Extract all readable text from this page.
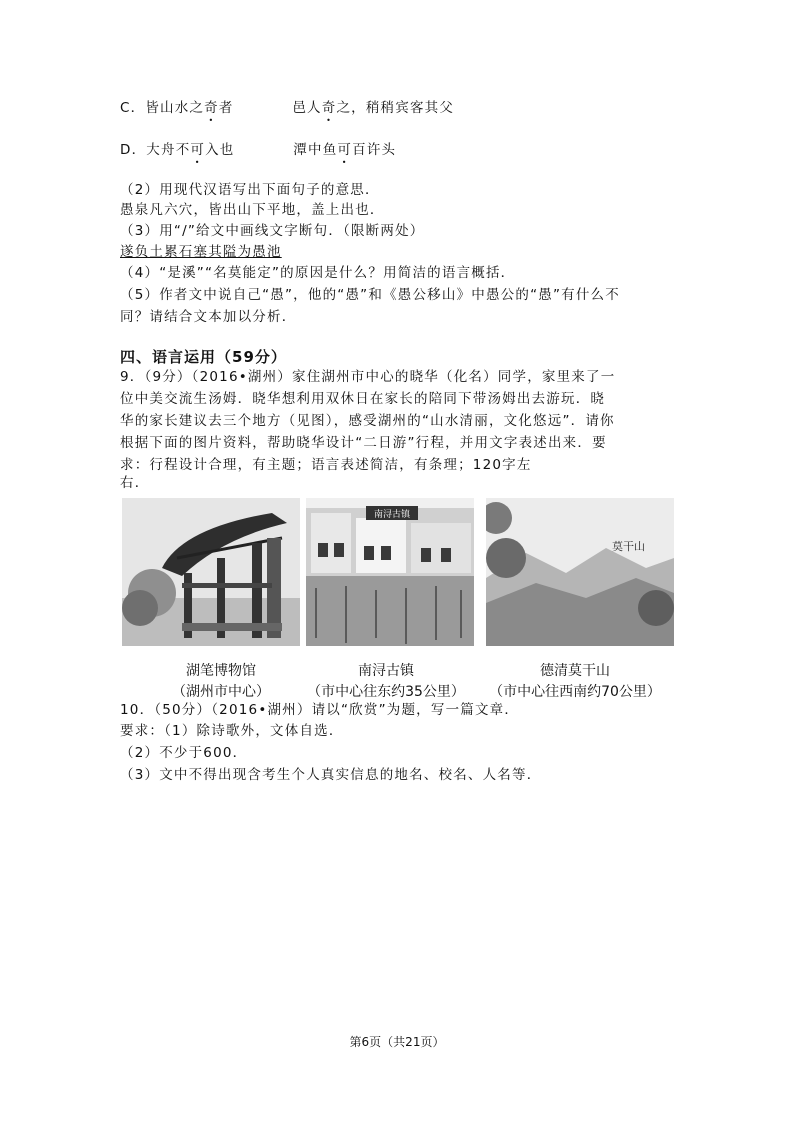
C．皆山水之奇者　　　　邑人奇之，稍稍宾客其父
D．大舟不可入也　　　　潭中鱼可百许头
（2）用现代汉语写出下面句子的意思．
愚泉凡六穴，皆出山下平地，盖上出也．
（3）用“/”给文中画线文字断句．（限断两处）
遂负土累石塞其隘为愚池
（4）“是溪”“名莫能定”的原因是什么？用简洁的语言概括．
（5）作者文中说自己“愚”，他的“愚”和《愚公移山》中愚公的“愚”有什么不
同？请结合文本加以分析．
四、语言运用（59分）
9．（9分）（2016•湖州）家住湖州市中心的晓华（化名）同学，家里来了一
位中美交流生汤姆．晓华想利用双休日在家长的陪同下带汤姆出去游玩．晓
华的家长建议去三个地方（见图），感受湖州的“山水清丽，文化悠远”．请你
根据下面的图片资料，帮助晓华设计“二日游”行程，并用文字表述出来．要
求：行程设计合理，有主题；语言表述简洁，有条理；120字左
右．
南浔古镇
莫干山
湖笔博物馆
（湖州市中心）
南浔古镇
（市中心往东约35公里）
德清莫干山
（市中心往西南约70公里）
10．（50分）（2016•湖州）请以“欣赏”为题，写一篇文章．
要求：（1）除诗歌外，文体自选．
（2）不少于600．
（3）文中不得出现含考生个人真实信息的地名、校名、人名等．
第6页（共21页）
